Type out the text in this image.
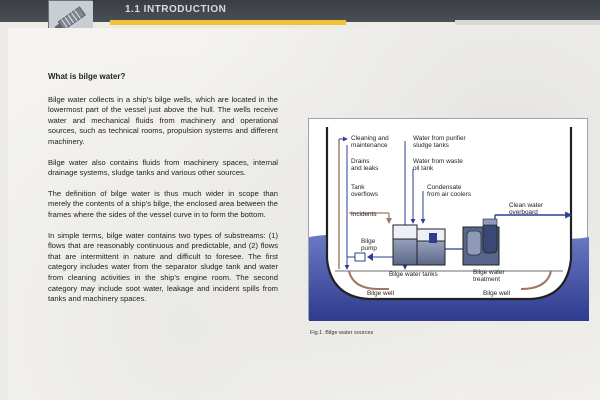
1.1 INTRODUCTION
What is bilge water?

Bilge water collects in a ship’s bilge wells, which are located in the lowermost part of the vessel just above the hull. The wells receive water and mechanical fluids from machinery and operational sources, such as technical rooms, propulsion systems and different machinery.

Bilge water also contains fluids from machinery spaces, internal drainage systems, sludge tanks and various other sources.

The definition of bilge water is thus much wider in scope than merely the contents of a ship’s bilge, the enclosed area between the frames where the sides of the vessel curve in to form the bottom.

In simple terms, bilge water contains two types of substreams: (1) flows that are reasonably continuous and predictable, and (2) flows that are intermittent in nature and difficult to foresee. The first category includes water from the separator sludge tank and water from cleaning activities in the ship’s engine room. The second category may include soot water, leakage and incident spills from tanks and machinery spaces.

Cleaning and
maintenance
Drains
and leaks
Tank
overflows
Incidents
Water from purifier
sludge tanks
Water from waste
oil tank
Condensate
from air coolers
Clean water
overboard
Bilge
pump
Bilge water tanks	Bilge water
treatment
Bilge well	Bilge well
Fig.1. Bilge water sources
